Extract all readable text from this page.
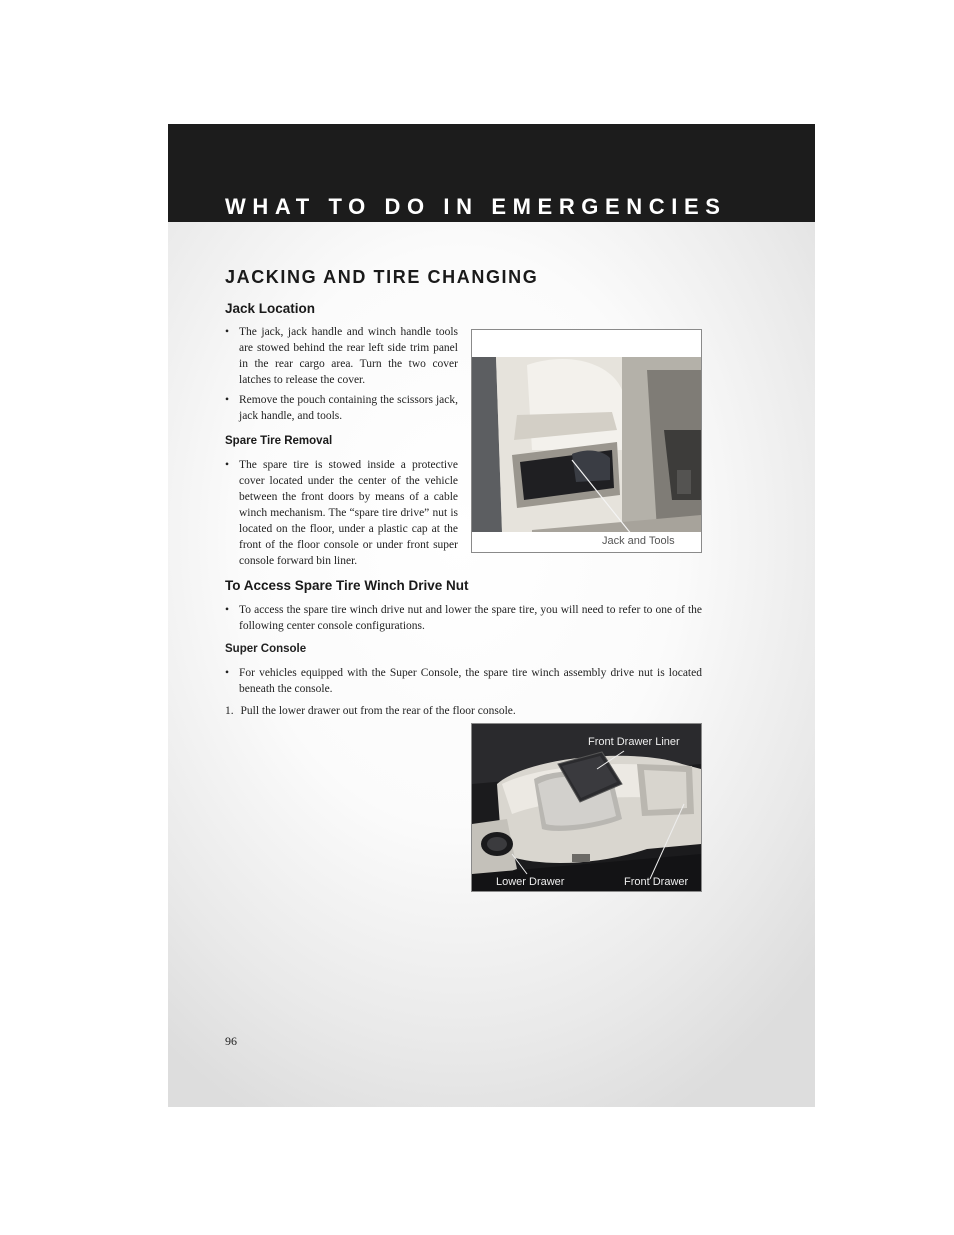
WHAT TO DO IN EMERGENCIES
JACKING AND TIRE CHANGING
Jack Location

• The jack, jack handle and winch handle tools are stowed behind the rear left side trim panel in the rear cargo area. Turn the two cover latches to release the cover.

• Remove the pouch containing the scissors jack, jack handle, and tools.

Jack and Tools
Spare Tire Removal

• The spare tire is stowed inside a protective cover located under the center of the vehicle between the front doors by means of a cable winch mechanism. The “spare tire drive” nut is located on the floor, under a plastic cap at the front of the floor console or under front super console forward bin liner.

To Access Spare Tire Winch Drive Nut

• To access the spare tire winch drive nut and lower the spare tire, you will need to refer to one of the following center console configurations.

Super Console

• For vehicles equipped with the Super Console, the spare tire winch assembly drive nut is located beneath the console.

1. Pull the lower drawer out from the rear of the floor console.
Front Drawer Liner
Lower Drawer	Front Drawer
96
